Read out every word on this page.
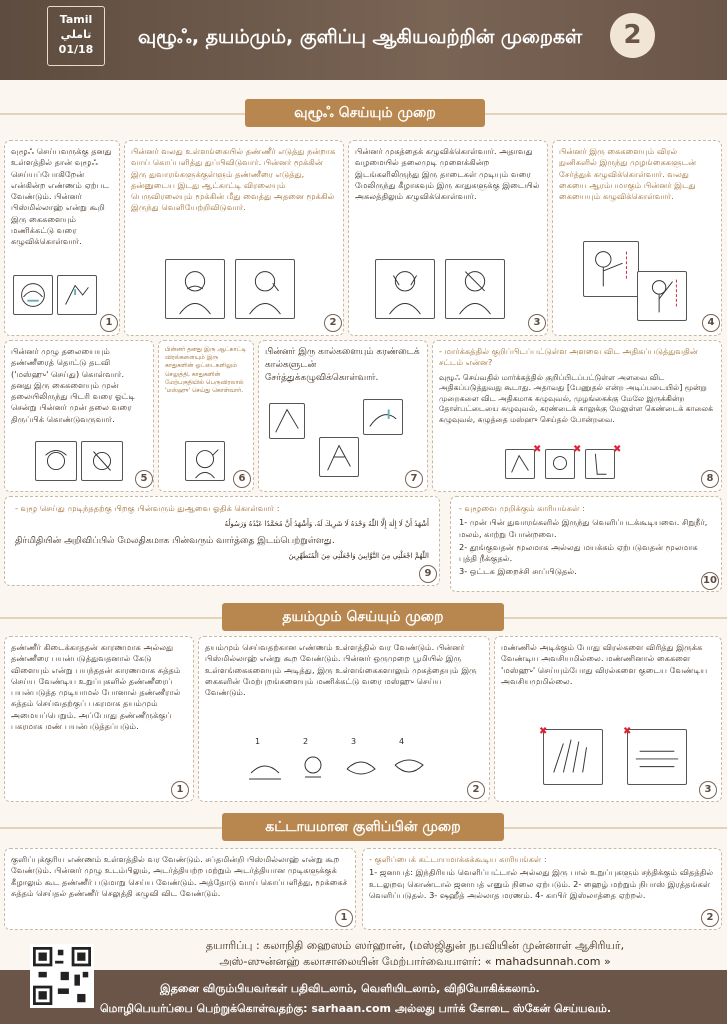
Tamil
تاملي
01/18
வுழூஃ, தயம்மும், குளிப்பு ஆகியவற்றின் முறைகள்	2
வுழூஃ செய்யும் முறை
வுழூஃ செய்பவருக்கு தனது உள்ளத்தில் தான் வுழூஃ செய்யப்போகிறேன் என்கின்ற எண்ணம் ஏற்பட வேண்டும். பின்னர் பிஸ்மில்லாஹ் என்று கூறி இரு கைகளையும் மணிக்கட்டு வரை கழுவிக்கொள்வார்.
1
பின்னர் வலது உள்ளங்கையில் தண்ணீர் எடுத்து நன்றாக வாய் கொப்பளித்து துப்பிவிடுவார். பின்னர் மூக்கின் இரு துவாரங்களுக்குள்ளும் தண்ணீரை எடுத்து, தன்னுடைய இடது ஆட்காட்டி விரலையும் பெருவிரலையும் மூக்கின் மீது வைத்து அதனை மூக்கில் இருந்து வெளியேற்றிவிடுவார்.
2
பின்னர் முகத்தைக் கழுவிக்கொள்வார். அதாவது வழமையில் தலைமுடி முளைக்கின்ற இடங்களிலிருந்து இரு தாடைகள் முடியும் வரை மேலிருந்து கீழாகவும் இரு காதுகளுக்கு இடையில் அகலத்திலும் கழுவிக்கொள்வார்.
3
பின்னர் இரு கைகளையும் விரல் நுனிகளில் இருந்து முழங்கைகளுடன் சேர்த்துக் கழுவிக்கொள்வார். வலது கையை ஆரம்பமாகும் பின்னர் இடது கையையும் கழுவிக்கொள்வார்.
4
பின்னர் முழு தலையையும் தண்ணீரைத் தொட்டு தடவி ('மஸ்ஹு' செய்து) கொள்வார். தனது இரு கைகளையும் முன் தலையிலிருந்து பிடரி வரை ஓட்டி சென்று பின்னர் முன் தலை வரை திருப்பிக் கொண்டுவருவார்.
5
பின்னர் தனது இரு ஆட்காட்டி விரல்களையும் இரு காதுகளின் ஓட்டைகளிலும் செலுத்தி, காதுகளின் மேற்பகுதியில் பெருவிரலால் 'மஸ்ஹு' செய்து கொள்வார்.
6
பின்னர் இரு கால்களையும் கரண்டைக் கால்களுடன் சேர்த்துக்கழுவிக்கொள்வார்.
7
- மார்க்கத்தில் குறிப்பிடப்பட்டுள்ள அளவை விட அதிகப்படுத்துவதின் சட்டம் என்ன?
வுழூஃ செய்வதில் மார்க்கத்தில் குறிப்பிடப்பட்டுள்ள அளவை விட அதிகப்படுத்துவது கூடாது. அதாவது [பேணுதல் என்ற அடிப்படையில்] மூன்று முறைகளை விட அதிகமாக கழுவுவல், முழங்கைக்கு மேலே இருக்கின்ற தோள்பட்டையை கழுவுவல், கரண்டைக் காலுக்கு மேலுள்ள கெண்டைக் காலைக் கழுவுவல், கழுத்தை மஸ்ஹு செய்தல் போன்றவை.
✖	✖	✖
8
- வுழூ செய்து முடிந்ததற்கு பிறகு பின்வரும் துஆவை ஓதிக் கொள்வார் :
أَشْهَدُ أَنْ لَا إِلٰهَ إِلَّا اللّٰهُ وَحْدَهُ لَا شَرِيكَ لَهُ، وَأَشْهَدُ أَنَّ مُحَمَّدًا عَبْدُهُ وَرَسُولُهُ
திர்மிதியின் அறிவிப்பில் மேலதிகமாக பின்வரும் வார்த்தை இடம்பெற்றுள்ளது.
اللّٰهُمَّ اجْعَلْنِي مِنَ التَّوَّابِينَ وَاجْعَلْنِي مِنَ الْمُتَطَهِّرِينَ
9
- வுழூவை முறிக்கும் காரியங்கள் :
1- முன் பின் துவாரங்களில் இருந்து வெளிப்படக்கூடியவை. சிறுநீர், மலம், காற்று போன்றவை.
2- தூங்குவதன் மூலமாக அல்லது மயக்கம் ஏற்படுவதன் மூலமாக புத்தி நீக்குதல்.
3- ஒட்டக இறைச்சி சாப்பிடுதல்.
10
தயம்மும் செய்யும் முறை
தண்ணீர் கிடைக்காததன் காரணமாக அல்லது தண்ணீரை பயன்படுத்துவதனால் கேடு விளையும் என்று பயந்ததன் காரணமாக சுத்தம் செய்ய வேண்டிய உறுப்புகளில் தண்ணீரைப் பயன்படுத்த முடியாமல் போனால் தண்ணீரால் சுத்தம் செய்வதற்குப் பகரமாக தயம்மும் அமையப்பெறும். அப்போது தண்ணீருக்குப் பகரமாக மண் பயன்படுத்தப்படும்.
1
தயம்மும் செய்வதற்கான எண்ணம் உள்ளத்தில் வர வேண்டும். பின்னர் பிஸ்மில்லாஹ் என்று கூற வேண்டும். பின்னர் ஒருமுறை பூமியில் இரு உள்ளங்கைகளையும் அடித்து, இரு உள்ளங்கைகளாலும் முகத்தையும் இரு கைகளின் மேற்புறங்களையும் மணிக்கட்டு வரை மஸ்ஹு செய்ய வேண்டும்.
1	2	3	4
2
மண்ணில் அடிக்கும் போது விரல்களை விரித்து இருக்க வேண்டிய அவசியமில்லை. மண்ணினால் கைகளை 'மஸ்ஹு' செய்யும்போது விரல்களை குடைய வேண்டிய அவசியமுமில்லை.
✖	✖
3
கட்டாயமான குளிப்பின் முறை
குளிப்புக்குரிய எண்ணம் உள்ளத்தில் வர வேண்டும். சப்தமின்றி பிஸ்மில்லாஹ் என்று கூற வேண்டும். பின்னர் முழு உடம்பிலும், அடர்த்தியற்ற மற்றும் அடர்த்தியான முடிகளுக்குக் கீழாலும் கூட தண்ணீர் படுமாறு செய்ய வேண்டும். அத்தோடு வாய் கொப்பளித்து, மூக்கைச் சுத்தம் செய்தல் தண்ணீர் செலுத்தி கழுவி விட வேண்டும்.
1
- குளிப்பைக் கட்டாயமாக்கக்கூடிய காரியங்கள் :
1- ஜனாபத்: இந்திரியம் வெளிப்பட்டால் அல்லது இரு பால் உறுப்புகளும் சந்திக்கும் விதத்தில் உடலுறவு கொண்டால் ஜனாபத் எனும் நிலை ஏற்படும். 2- ஹைழ் மற்றும் நிபாஸ் இரத்தங்கள் வெளிப்படுதல். 3- ஷஹீத் அல்லாத மரணம். 4- காபிர் இஸ்லாத்தை ஏற்றல்.
2
தயாரிப்பு : கலாநிதி ஹைஸம் ஸர்ஹான், (மஸ்ஜிதுன் நபவியின் முன்னாள் ஆசிரியர்,
அஸ்-ஸுன்னஹ் கலாசாலையின் மேற்பார்வையாளர்: « mahadsunnah.com »
இதனை விரும்பியவர்கள் பதிவிடலாம், வெளியிடலாம், விநியோகிக்கலாம்.
மொழிபெயர்ப்பை பெற்றுக்கொள்வதற்கு: sarhaan.com அல்லது பார்க் கோடை ஸ்கேன் செய்யவம்.
